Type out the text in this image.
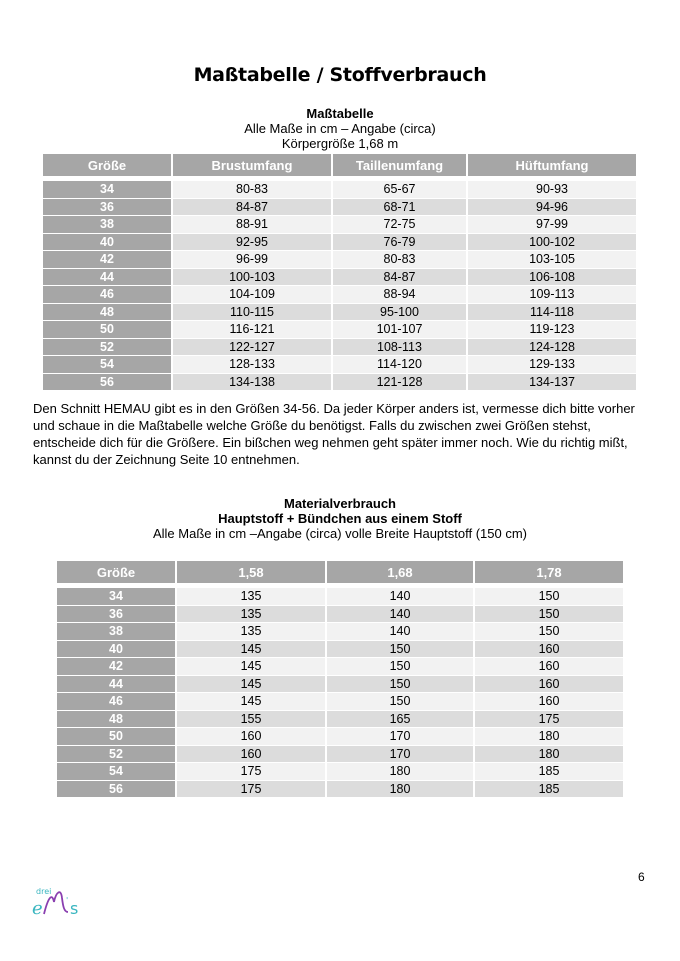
Maßtabelle / Stoffverbrauch
Maßtabelle
Alle Maße in cm – Angabe (circa)
Körpergröße 1,68 m
Größe	Brustumfang	Taillenumfang	Hüftumfang

34	80-83	65-67	90-93
36	84-87	68-71	94-96
38	88-91	72-75	97-99
40	92-95	76-79	100-102
42	96-99	80-83	103-105
44	100-103	84-87	106-108
46	104-109	88-94	109-113
48	110-115	95-100	114-118
50	116-121	101-107	119-123
52	122-127	108-113	124-128
54	128-133	114-120	129-133
56	134-138	121-128	134-137
Den Schnitt HEMAU gibt es in den Größen 34-56. Da jeder Körper anders ist, vermesse dich bitte vorher und schaue in die Maßtabelle welche Größe du benötigst. Falls du zwischen zwei Größen stehst, entscheide dich für die Größere. Ein bißchen weg nehmen geht später immer noch. Wie du richtig mißt, kannst du der Zeichnung Seite 10 entnehmen.
Materialverbrauch
Hauptstoff + Bündchen aus einem Stoff
Alle Maße in cm –Angabe (circa) volle Breite Hauptstoff (150 cm)
Größe	1,58	1,68	1,78

34	135	140	150
36	135	140	150
38	135	140	150
40	145	150	160
42	145	150	160
44	145	150	160
46	145	150	160
48	155	165	175
50	160	170	180
52	160	170	180
54	175	180	185
56	175	180	185
6
drei
e s
'
